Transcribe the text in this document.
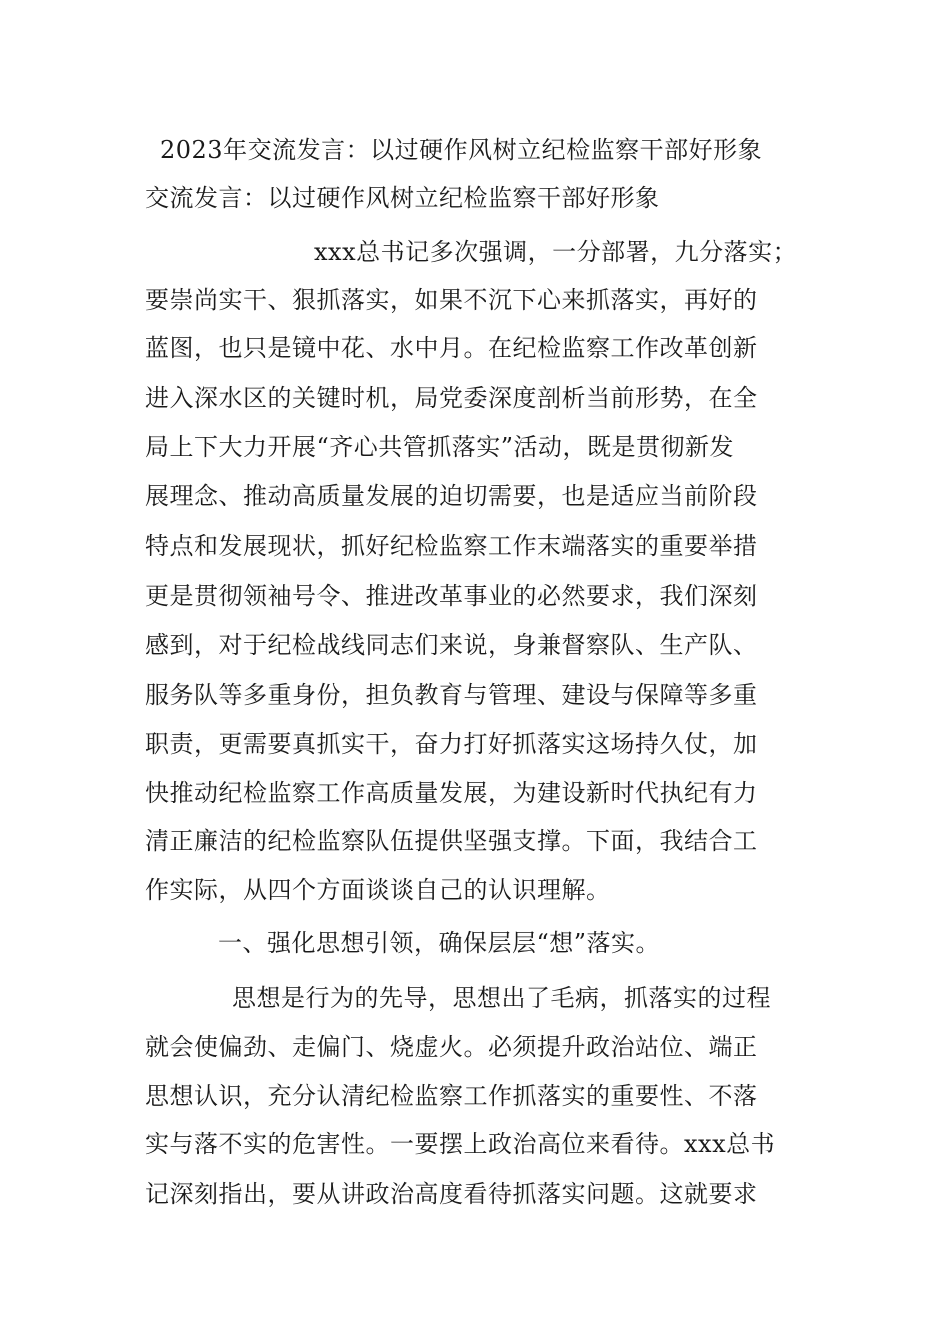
2023年交流发言：以过硬作风树立纪检监察干部好形象

交流发言：以过硬作风树立纪检监察干部好形象

xxx总书记多次强调，一分部署，九分落实；

要崇尚实干、狠抓落实，如果不沉下心来抓落实，再好的

蓝图，也只是镜中花、水中月。在纪检监察工作改革创新

进入深水区的关键时机，局党委深度剖析当前形势，在全

局上下大力开展“齐心共管抓落实”活动，既是贯彻新发

展理念、推动高质量发展的迫切需要，也是适应当前阶段

特点和发展现状，抓好纪检监察工作末端落实的重要举措

更是贯彻领袖号令、推进改革事业的必然要求，我们深刻

感到，对于纪检战线同志们来说，身兼督察队、生产队、

服务队等多重身份，担负教育与管理、建设与保障等多重

职责，更需要真抓实干，奋力打好抓落实这场持久仗，加

快推动纪检监察工作高质量发展，为建设新时代执纪有力

清正廉洁的纪检监察队伍提供坚强支撑。下面，我结合工

作实际，从四个方面谈谈自己的认识理解。

一、强化思想引领，确保层层“想”落实。

思想是行为的先导，思想出了毛病，抓落实的过程

就会使偏劲、走偏门、烧虚火。必须提升政治站位、端正

思想认识，充分认清纪检监察工作抓落实的重要性、不落

实与落不实的危害性。一要摆上政治高位来看待。xxx总书

记深刻指出，要从讲政治高度看待抓落实问题。这就要求
